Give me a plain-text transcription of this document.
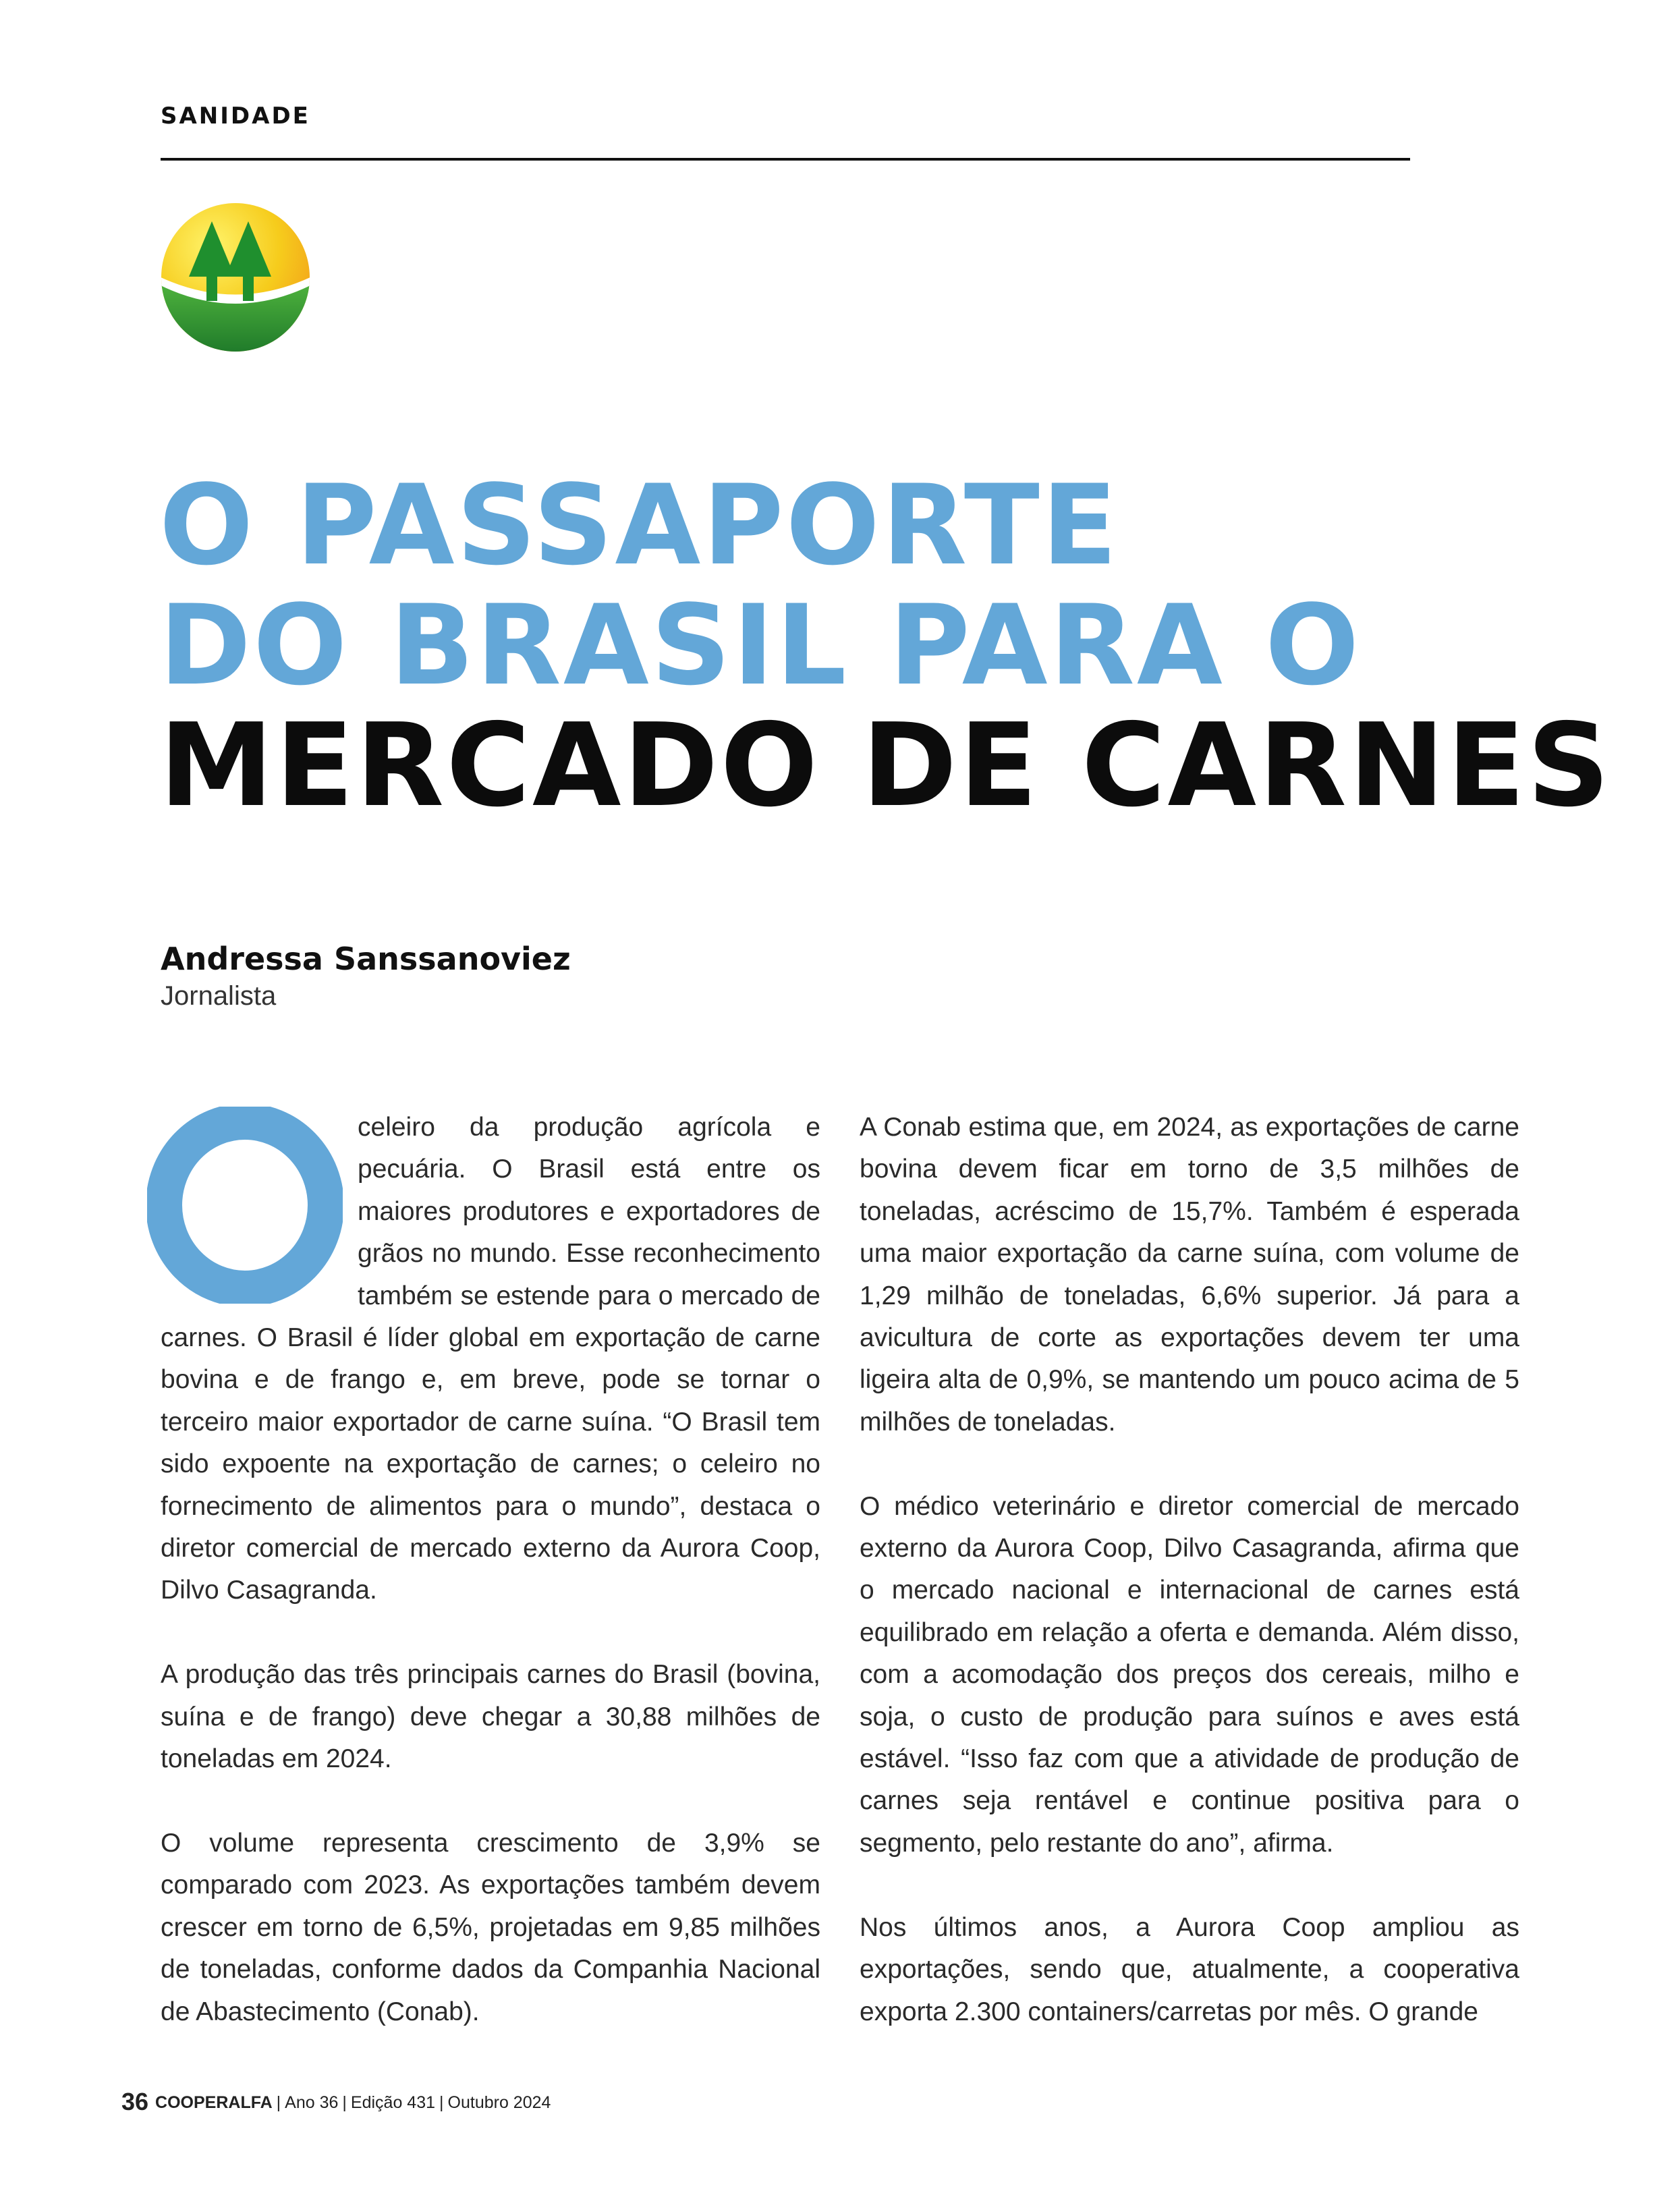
SANIDADE
O PASSAPORTE
DO BRASIL PARA O
MERCADO DE CARNES
Andressa Sanssanoviez
Jornalista
O

celeiro da produção agrícola e pecuária. O Brasil está entre os maiores produtores e exportadores de grãos no mundo. Esse reconhecimento também se estende para o mercado de carnes. O Brasil é líder global em exportação de carne bovina e de frango e, em breve, pode se tornar o terceiro maior exportador de carne suína. “O Brasil tem sido expoente na exportação de carnes; o celeiro no fornecimento de alimentos para o mundo”, destaca o diretor comercial de mercado externo da Aurora Coop, Dilvo Casagranda.

A produção das três principais carnes do Brasil (bovina, suína e de frango) deve chegar a 30,88 milhões de toneladas em 2024.

O volume representa crescimento de 3,9% se comparado com 2023. As exportações também devem crescer em torno de 6,5%, projetadas em 9,85 milhões de toneladas, conforme dados da Companhia Nacional de Abastecimento (Conab).

A Conab estima que, em 2024, as exportações de carne bovina devem ficar em torno de 3,5 milhões de toneladas, acréscimo de 15,7%. Também é esperada uma maior exportação da carne suína, com volume de 1,29 milhão de toneladas, 6,6% superior. Já para a avicultura de corte as exportações devem ter uma ligeira alta de 0,9%, se mantendo um pouco acima de 5 milhões de toneladas.

O médico veterinário e diretor comercial de mercado externo da Aurora Coop, Dilvo Casagranda, afirma que o mercado nacional e internacional de carnes está equilibrado em relação a oferta e demanda. Além disso, com a acomodação dos preços dos cereais, milho e soja, o custo de produção para suínos e aves está estável. “Isso faz com que a atividade de produção de carnes seja rentável e continue positiva para o segmento, pelo restante do ano”, afirma.

Nos últimos anos, a Aurora Coop ampliou as exportações, sendo que, atualmente, a cooperativa exporta 2.300 containers/carretas por mês. O grande

36 COOPERALFA | Ano 36 | Edição 431 | Outubro 2024
